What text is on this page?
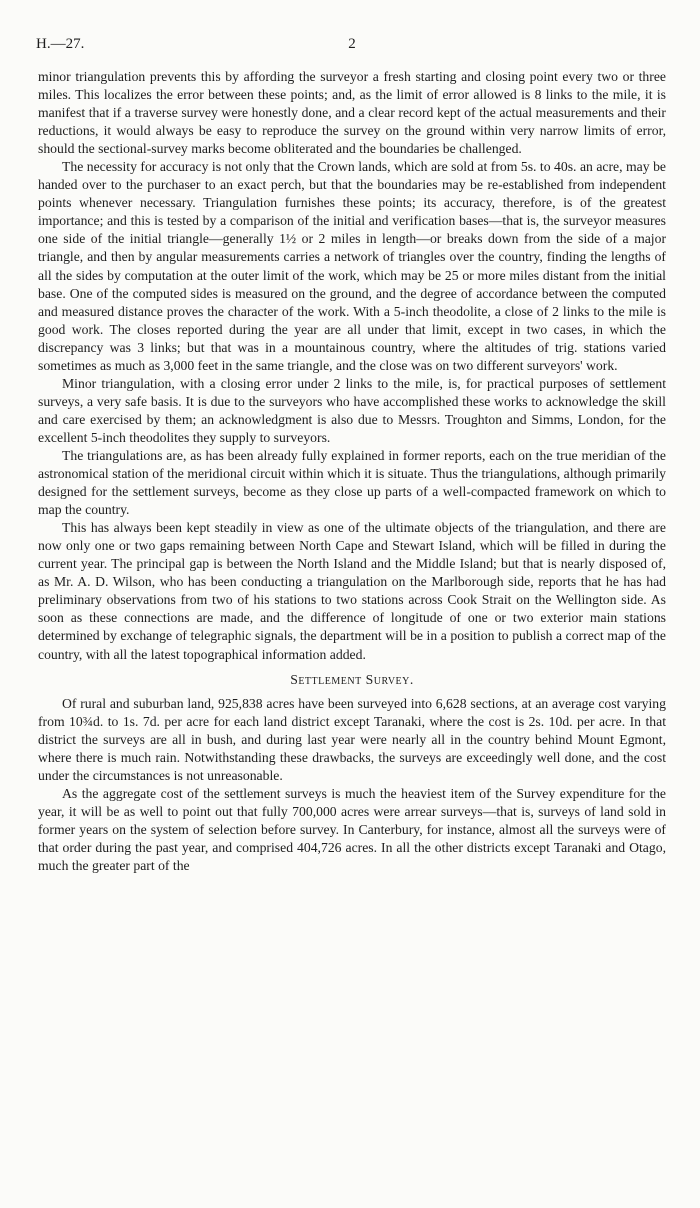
H.—27.	2

minor triangulation prevents this by affording the surveyor a fresh starting and closing point every two or three miles. This localizes the error between these points; and, as the limit of error allowed is 8 links to the mile, it is manifest that if a traverse survey were honestly done, and a clear record kept of the actual measurements and their reductions, it would always be easy to reproduce the survey on the ground within very narrow limits of error, should the sectional-survey marks become obliterated and the boundaries be challenged.

The necessity for accuracy is not only that the Crown lands, which are sold at from 5s. to 40s. an acre, may be handed over to the purchaser to an exact perch, but that the boundaries may be re-established from independent points whenever necessary. Triangulation furnishes these points; its accuracy, therefore, is of the greatest importance; and this is tested by a comparison of the initial and verification bases—that is, the surveyor measures one side of the initial triangle—generally 1½ or 2 miles in length—or breaks down from the side of a major triangle, and then by angular measurements carries a network of triangles over the country, finding the lengths of all the sides by computation at the outer limit of the work, which may be 25 or more miles distant from the initial base. One of the computed sides is measured on the ground, and the degree of accordance between the computed and measured distance proves the character of the work. With a 5-inch theodolite, a close of 2 links to the mile is good work. The closes reported during the year are all under that limit, except in two cases, in which the discrepancy was 3 links; but that was in a mountainous country, where the altitudes of trig. stations varied sometimes as much as 3,000 feet in the same triangle, and the close was on two different surveyors' work.

Minor triangulation, with a closing error under 2 links to the mile, is, for practical purposes of settlement surveys, a very safe basis. It is due to the surveyors who have accomplished these works to acknowledge the skill and care exercised by them; an acknowledgment is also due to Messrs. Troughton and Simms, London, for the excellent 5-inch theodolites they supply to surveyors.

The triangulations are, as has been already fully explained in former reports, each on the true meridian of the astronomical station of the meridional circuit within which it is situate. Thus the triangulations, although primarily designed for the settlement surveys, become as they close up parts of a well-compacted framework on which to map the country.

This has always been kept steadily in view as one of the ultimate objects of the triangulation, and there are now only one or two gaps remaining between North Cape and Stewart Island, which will be filled in during the current year. The principal gap is between the North Island and the Middle Island; but that is nearly disposed of, as Mr. A. D. Wilson, who has been conducting a triangulation on the Marlborough side, reports that he has had preliminary observations from two of his stations to two stations across Cook Strait on the Wellington side. As soon as these connections are made, and the difference of longitude of one or two exterior main stations determined by exchange of telegraphic signals, the department will be in a position to publish a correct map of the country, with all the latest topographical information added.

Settlement Survey.

Of rural and suburban land, 925,838 acres have been surveyed into 6,628 sections, at an average cost varying from 10¾d. to 1s. 7d. per acre for each land district except Taranaki, where the cost is 2s. 10d. per acre. In that district the surveys are all in bush, and during last year were nearly all in the country behind Mount Egmont, where there is much rain. Notwithstanding these drawbacks, the surveys are exceedingly well done, and the cost under the circumstances is not unreasonable.

As the aggregate cost of the settlement surveys is much the heaviest item of the Survey expenditure for the year, it will be as well to point out that fully 700,000 acres were arrear surveys—that is, surveys of land sold in former years on the system of selection before survey. In Canterbury, for instance, almost all the surveys were of that order during the past year, and comprised 404,726 acres. In all the other districts except Taranaki and Otago, much the greater part of the
